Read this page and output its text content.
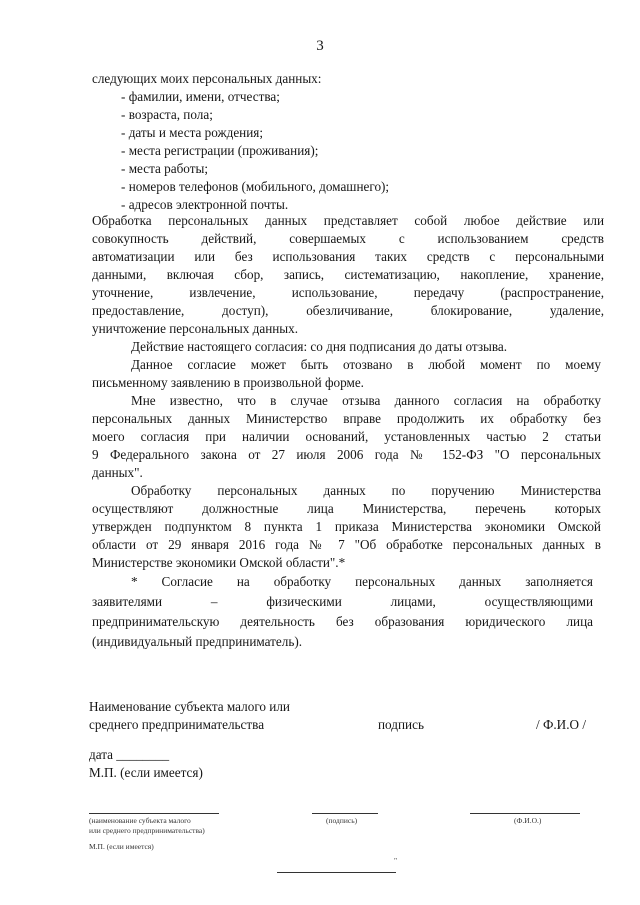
3
следующих моих персональных данных:
- фамилии, имени, отчества;
- возраста, пола;
- даты и места рождения;
- места регистрации (проживания);
- места работы;
- номеров телефонов (мобильного, домашнего);
- адресов электронной почты.
Обработка персональных данных представляет собой любое действие или
совокупность действий, совершаемых с использованием средств
автоматизации или без использования таких средств с персональными
данными, включая сбор, запись, систематизацию, накопление, хранение,
уточнение, извлечение, использование, передачу (распространение,
предоставление, доступ), обезличивание, блокирование, удаление,
уничтожение персональных данных.
Действие настоящего согласия: со дня подписания до даты отзыва.
Данное согласие может быть отозвано в любой момент по моему
письменному заявлению в произвольной форме.
Мне известно, что в случае отзыва данного согласия на обработку
персональных данных Министерство вправе продолжить их обработку без
моего согласия при наличии оснований, установленных частью 2 статьи
9 Федерального закона от 27 июля 2006 года № 152-ФЗ "О персональных
данных".
Обработку персональных данных по поручению Министерства
осуществляют должностные лица Министерства, перечень которых
утвержден подпунктом 8 пункта 1 приказа Министерства экономики Омской
области от 29 января 2016 года № 7 "Об обработке персональных данных в
Министерстве экономики Омской области".*
* Согласие на обработку персональных данных заполняется
заявителями – физическими лицами, осуществляющими
предпринимательскую деятельность без образования юридического лица
(индивидуальный предприниматель).
Наименование субъекта малого или
среднего предпринимательства	подпись	/ Ф.И.О /
дата ________
М.П. (если имеется)
(наименование субъекта малого
или среднего предпринимательства)
(подпись)	(Ф.И.О.)
М.П. (если имеется)
"
